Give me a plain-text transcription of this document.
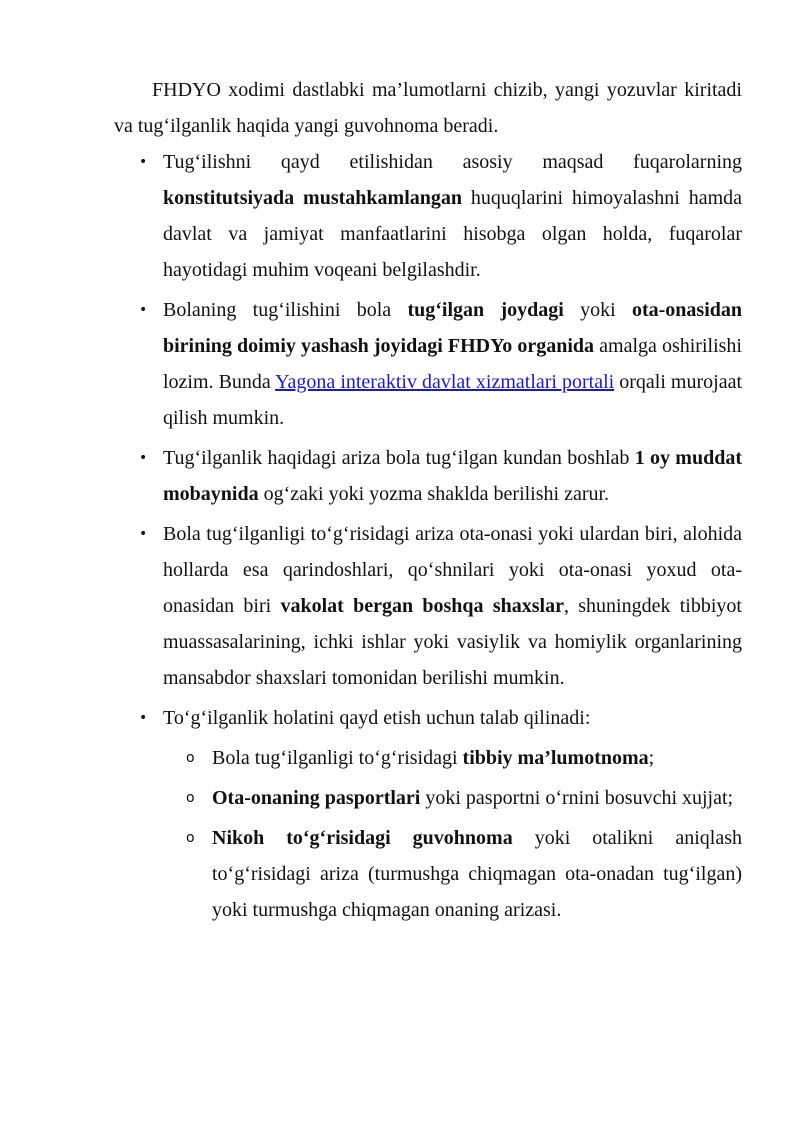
FHDYO xodimi dastlabki ma’lumotlarni chizib, yangi yozuvlar kiritadi va tug‘ilganlik haqida yangi guvohnoma beradi.

• Tug‘ilishni qayd etilishidan asosiy maqsad fuqarolarning konstitutsiyada mustahkamlangan huquqlarini himoyalashni hamda davlat va jamiyat manfaatlarini hisobga olgan holda, fuqarolar hayotidagi muhim voqeani belgilashdir.
• Bolaning tug‘ilishini bola tug‘ilgan joydagi yoki ota-onasidan birining doimiy yashash joyidagi FHDYo organida amalga oshirilishi lozim. Bunda Yagona interaktiv davlat xizmatlari portali orqali murojaat qilish mumkin.
• Tug‘ilganlik haqidagi ariza bola tug‘ilgan kundan boshlab 1 oy muddat mobaynida og‘zaki yoki yozma shaklda berilishi zarur.
• Bola tug‘ilganligi to‘g‘risidagi ariza ota-onasi yoki ulardan biri, alohida hollarda esa qarindoshlari, qo‘shnilari yoki ota-onasi yoxud ota-onasidan biri vakolat bergan boshqa shaxslar, shuningdek tibbiyot muassasalarining, ichki ishlar yoki vasiylik va homiylik organlarining mansabdor shaxslari tomonidan berilishi mumkin.
• To‘g‘ilganlik holatini qayd etish uchun talab qilinadi:
o Bola tug‘ilganligi to‘g‘risidagi tibbiy ma’lumotnoma;
o Ota-onaning pasportlari yoki pasportni o‘rnini bosuvchi xujjat;
o Nikoh to‘g‘risidagi guvohnoma yoki otalikni aniqlash to‘g‘risidagi ariza (turmushga chiqmagan ota-onadan tug‘ilgan) yoki turmushga chiqmagan onaning arizasi.
